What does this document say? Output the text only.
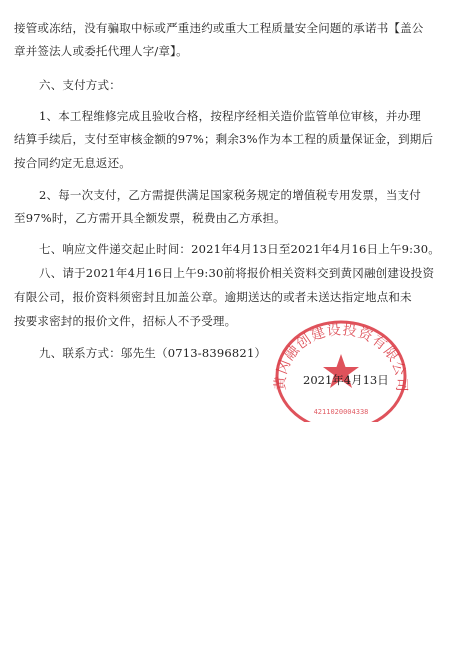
接管或冻结，没有骗取中标或严重违约或重大工程质量安全问题的承诺书【盖公
章并签法人或委托代理人字/章】。
六、支付方式：
1、本工程维修完成且验收合格，按程序经相关造价监管单位审核，并办理
结算手续后，支付至审核金额的97%；剩余3%作为本工程的质量保证金，到期后
按合同约定无息返还。
2、每一次支付，乙方需提供满足国家税务规定的增值税专用发票，当支付
至97%时，乙方需开具全额发票，税费由乙方承担。
七、响应文件递交起止时间：2021年4月13日至2021年4月16日上午9:30。
八、请于2021年4月16日上午9:30前将报价相关资料交到黄冈融创建设投资
有限公司，报价资料须密封且加盖公章。逾期送达的或者未送达指定地点和未
按要求密封的报价文件，招标人不予受理。
九、联系方式：邬先生（0713-8396821）
黄冈融创建设投资有限公司
4211020004338
2021年4月13日
